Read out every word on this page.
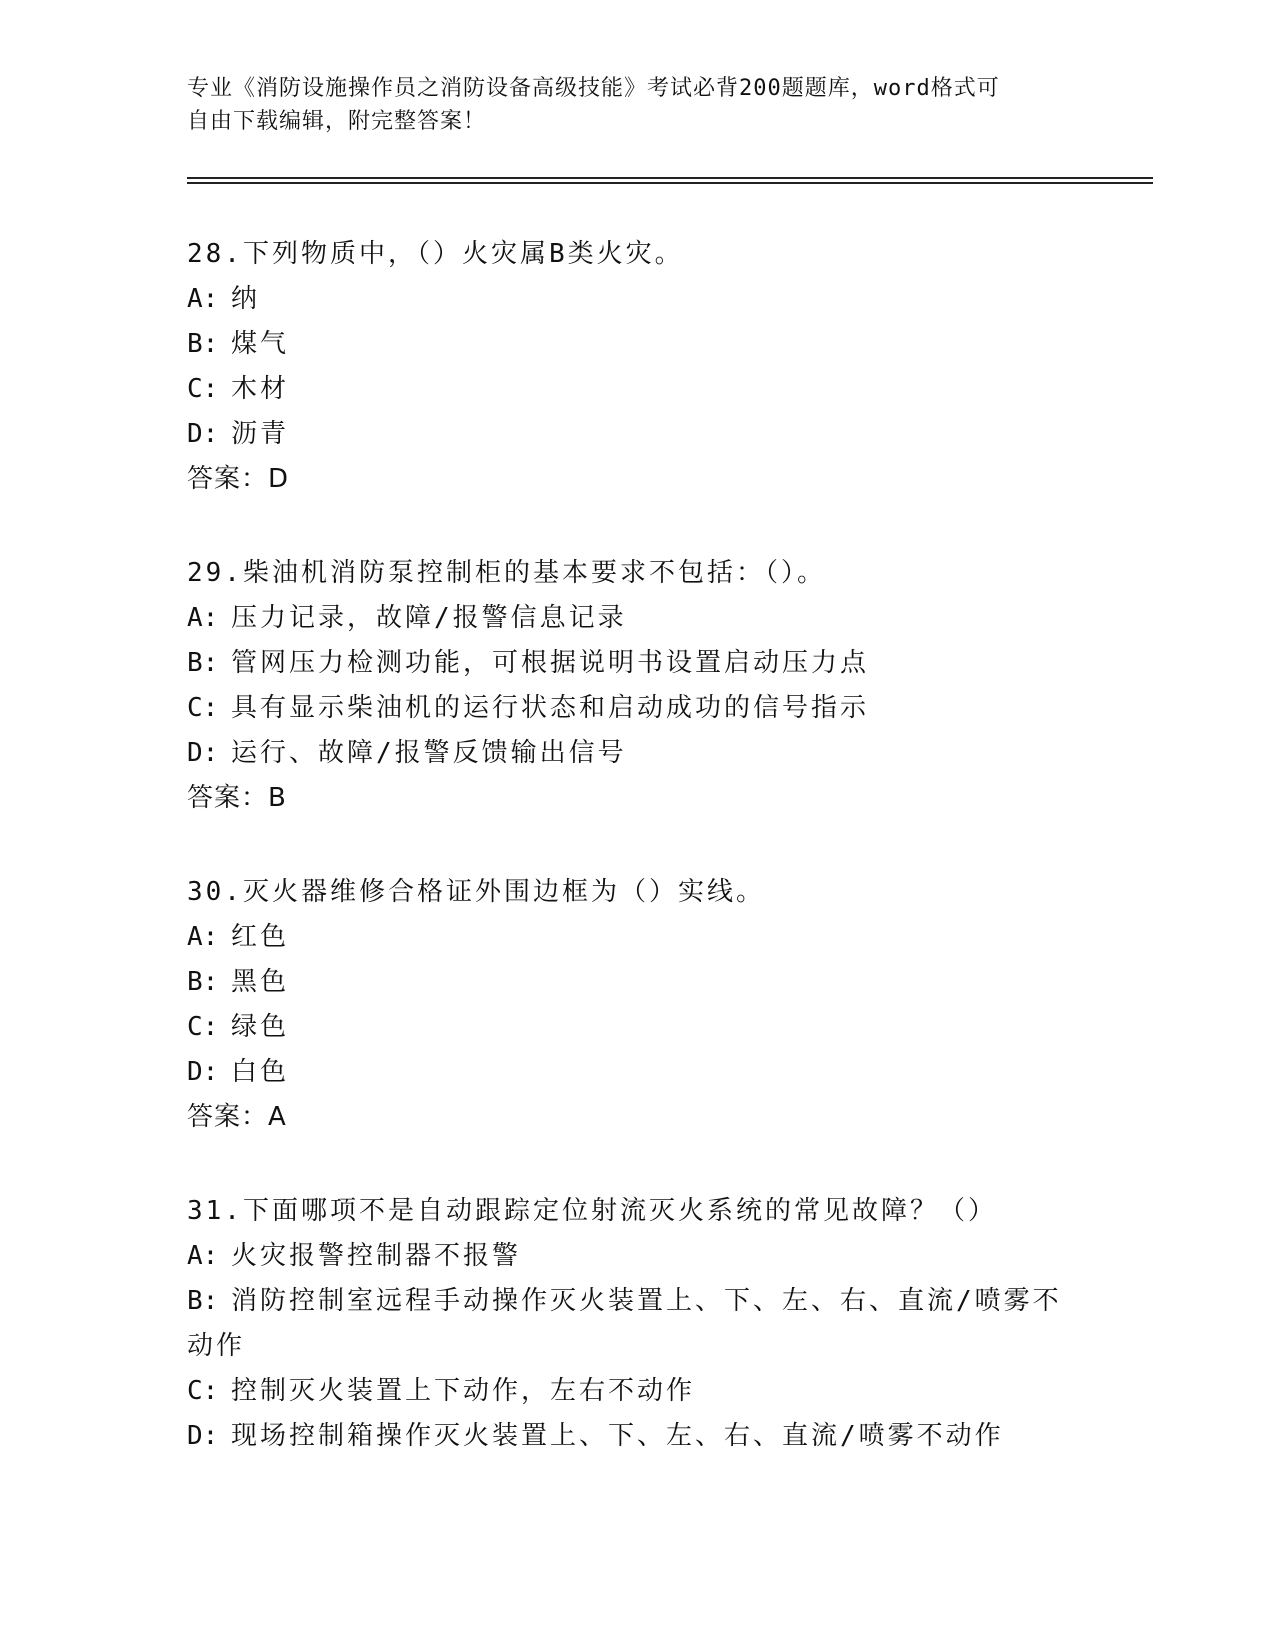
专业《消防设施操作员之消防设备高级技能》考试必背200题题库，word格式可
自由下载编辑，附完整答案！
28.下列物质中，（）火灾属B类火灾。
A: 纳
B: 煤气
C: 木材
D: 沥青
答案：D
29.柴油机消防泵控制柜的基本要求不包括：（）。
A: 压力记录，故障/报警信息记录
B: 管网压力检测功能，可根据说明书设置启动压力点
C: 具有显示柴油机的运行状态和启动成功的信号指示
D: 运行、故障/报警反馈输出信号
答案：B
30.灭火器维修合格证外围边框为（）实线。
A: 红色
B: 黑色
C: 绿色
D: 白色
答案：A
31.下面哪项不是自动跟踪定位射流灭火系统的常见故障？（）
A: 火灾报警控制器不报警
B: 消防控制室远程手动操作灭火装置上、下、左、右、直流/喷雾不
动作
C: 控制灭火装置上下动作，左右不动作
D: 现场控制箱操作灭火装置上、下、左、右、直流/喷雾不动作
